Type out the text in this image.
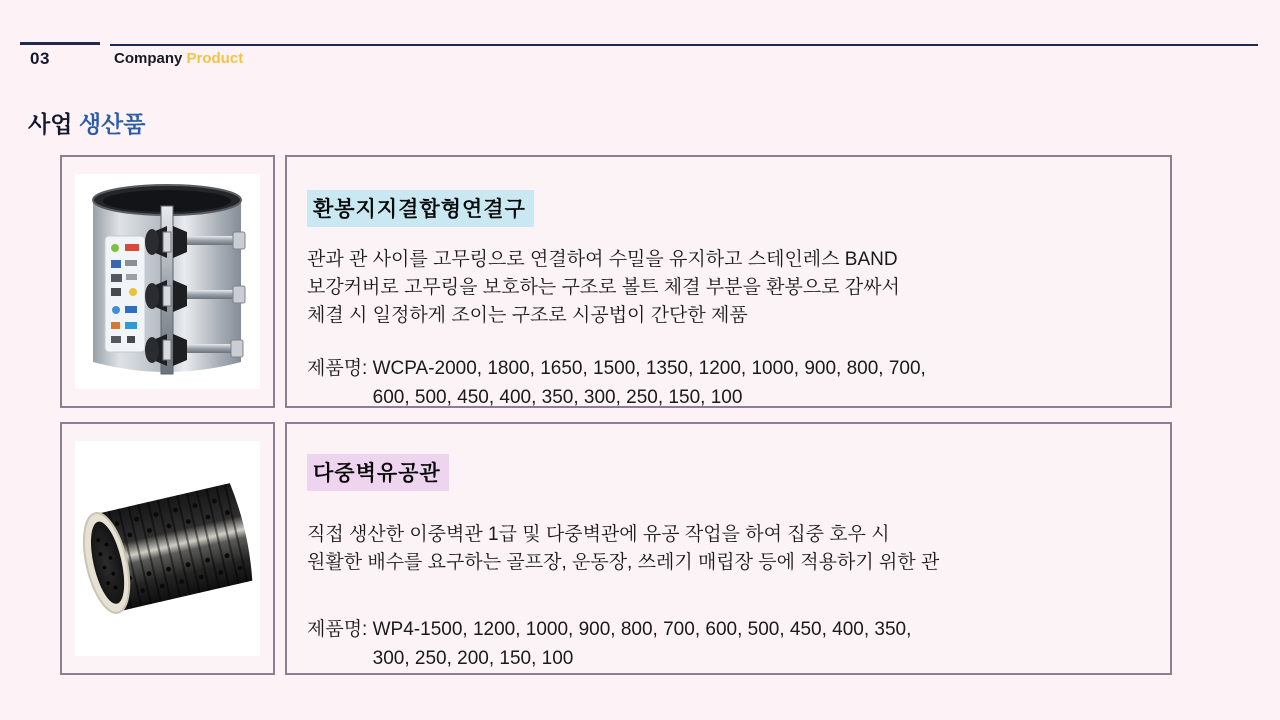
03	Company Product
사업 생산품
환봉지지결합형연결구
관과 관 사이를 고무링으로 연결하여 수밀을 유지하고 스테인레스 BAND
보강커버로 고무링을 보호하는 구조로 볼트 체결 부분을 환봉으로 감싸서
체결 시 일정하게 조이는 구조로 시공법이 간단한 제품
제품명: WCPA-2000, 1800, 1650, 1500, 1350, 1200, 1000, 900, 800, 700,
600, 500, 450, 400, 350, 300, 250, 150, 100
다중벽유공관
직접 생산한 이중벽관 1급 및 다중벽관에 유공 작업을 하여 집중 호우 시
원활한 배수를 요구하는 골프장, 운동장, 쓰레기 매립장 등에 적용하기 위한 관
제품명: WP4-1500, 1200, 1000, 900, 800, 700, 600, 500, 450, 400, 350,
300, 250, 200, 150, 100
